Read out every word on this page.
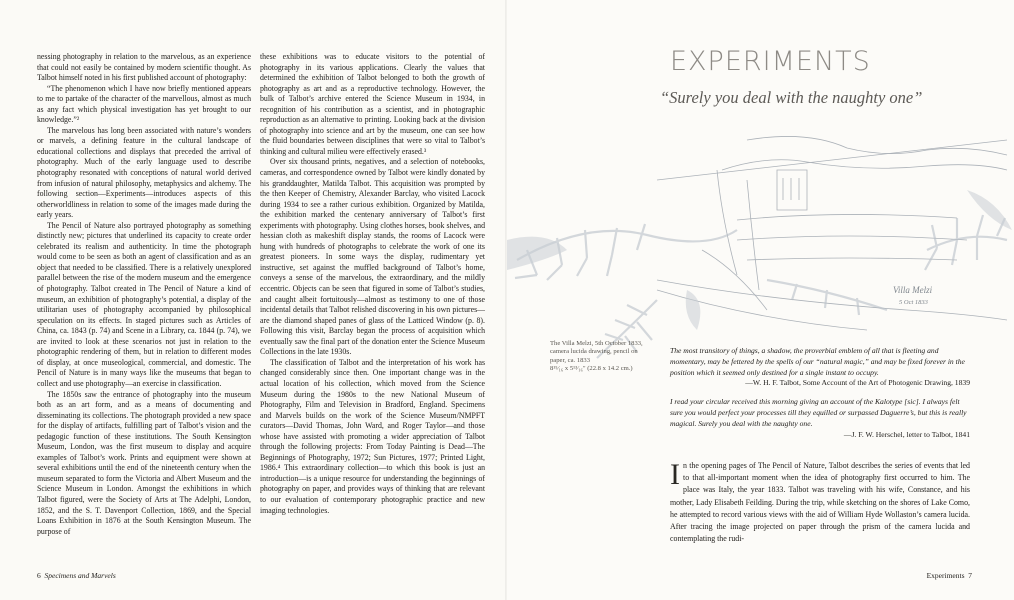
nessing photography in relation to the marvelous, as an experience that could not easily be contained by modern scientific thought. As Talbot himself noted in his first published account of photography:

“The phenomenon which I have now briefly mentioned appears to me to partake of the character of the marvellous, almost as much as any fact which physical investigation has yet brought to our knowledge.”²

The marvelous has long been associated with nature’s wonders or marvels, a defining feature in the cultural landscape of educational collections and displays that preceded the arrival of photography. Much of the early language used to describe photography resonated with conceptions of natural world derived from infusion of natural philosophy, metaphysics and alchemy. The following section—Experiments—introduces aspects of this otherworldliness in relation to some of the images made during the early years.

The Pencil of Nature also portrayed photography as something distinctly new; pictures that underlined its capacity to create order celebrated its realism and authenticity. In time the photograph would come to be seen as both an agent of classification and as an object that needed to be classified. There is a relatively unexplored parallel between the rise of the modern museum and the emergence of photography. Talbot created in The Pencil of Nature a kind of museum, an exhibition of photography’s potential, a display of the utilitarian uses of photography accompanied by philosophical speculation on its effects. In staged pictures such as Articles of China, ca. 1843 (p. 74) and Scene in a Library, ca. 1844 (p. 74), we are invited to look at these scenarios not just in relation to the photographic rendering of them, but in relation to different modes of display, at once museological, commercial, and domestic. The Pencil of Nature is in many ways like the museums that began to collect and use photography—an exercise in classification.

The 1850s saw the entrance of photography into the museum both as an art form, and as a means of documenting and disseminating its collections. The photograph provided a new space for the display of artifacts, fulfilling part of Talbot’s vision and the pedagogic function of these institutions. The South Kensington Museum, London, was the first museum to display and acquire examples of Talbot’s work. Prints and equipment were shown at several exhibitions until the end of the nineteenth century when the museum separated to form the Victoria and Albert Museum and the Science Museum in London. Amongst the exhibitions in which Talbot figured, were the Society of Arts at The Adelphi, London, 1852, and the S. T. Davenport Collection, 1869, and the Special Loans Exhibition in 1876 at the South Kensington Museum. The purpose of

these exhibitions was to educate visitors to the potential of photography in its various applications. Clearly the values that determined the exhibition of Talbot belonged to both the growth of photography as art and as a reproductive technology. However, the bulk of Talbot’s archive entered the Science Museum in 1934, in recognition of his contribution as a scientist, and in photographic reproduction as an alternative to printing. Looking back at the division of photography into science and art by the museum, one can see how the fluid boundaries between disciplines that were so vital to Talbot’s thinking and cultural milieu were effectively erased.³

Over six thousand prints, negatives, and a selection of notebooks, cameras, and correspondence owned by Talbot were kindly donated by his granddaughter, Matilda Talbot. This acquisition was prompted by the then Keeper of Chemistry, Alexander Barclay, who visited Lacock during 1934 to see a rather curious exhibition. Organized by Matilda, the exhibition marked the centenary anniversary of Talbot’s first experiments with photography. Using clothes horses, book shelves, and hessian cloth as makeshift display stands, the rooms of Lacock were hung with hundreds of photographs to celebrate the work of one its greatest pioneers. In some ways the display, rudimentary yet instructive, set against the muffled background of Talbot’s home, conveys a sense of the marvelous, the extraordinary, and the mildly eccentric. Objects can be seen that figured in some of Talbot’s studies, and caught albeit fortuitously—almost as testimony to one of those incidental details that Talbot relished discovering in his own pictures—are the diamond shaped panes of glass of the Latticed Window (p. 8). Following this visit, Barclay began the process of acquisition which eventually saw the final part of the donation enter the Science Museum Collections in the late 1930s.

The classification of Talbot and the interpretation of his work has changed considerably since then. One important change was in the actual location of his collection, which moved from the Science Museum during the 1980s to the new National Museum of Photography, Film and Television in Bradford, England. Specimens and Marvels builds on the work of the Science Museum/NMPFT curators—David Thomas, John Ward, and Roger Taylor—and those whose have assisted with promoting a wider appreciation of Talbot through the following projects: From Today Painting is Dead—The Beginnings of Photography, 1972; Sun Pictures, 1977; Printed Light, 1986.⁴ This extraordinary collection—to which this book is just an introduction—is a unique resource for understanding the beginnings of photography on paper, and provides ways of thinking that are relevant to our evaluation of contemporary photographic practice and new imaging technologies.

6 Specimens and Marvels
Villa Melzi
5 Oct 1833
EXPERIMENTS

“Surely you deal with the naughty one”

The Villa Melzi, 5th October 1833,
camera lucida drawing, pencil on
paper, ca. 1833
8¹⁵⁄₁₆ x 5¹³⁄₁₆″ (22.8 x 14.2 cm.)

The most transitory of things, a shadow, the proverbial emblem of all that is fleeting and momentary, may be fettered by the spells of our “natural magic,” and may be fixed forever in the position which it seemed only destined for a single instant to occupy.

—W. H. F. Talbot, Some Account of the Art of Photogenic Drawing, 1839

I read your circular received this morning giving an account of the Kalotype [sic]. I always felt sure you would perfect your processes till they equilled or surpassed Daguerre’s, but this is really magical. Surely you deal with the naughty one.

—J. F. W. Herschel, letter to Talbot, 1841

In the opening pages of The Pencil of Nature, Talbot describes the series of events that led to that all-important moment when the idea of photography first occurred to him. The place was Italy, the year 1833. Talbot was traveling with his wife, Constance, and his mother, Lady Elisabeth Feilding. During the trip, while sketching on the shores of Lake Como, he attempted to record various views with the aid of William Hyde Wollaston’s camera lucida. After tracing the image projected on paper through the prism of the camera lucida and contemplating the rudi-

Experiments 7
